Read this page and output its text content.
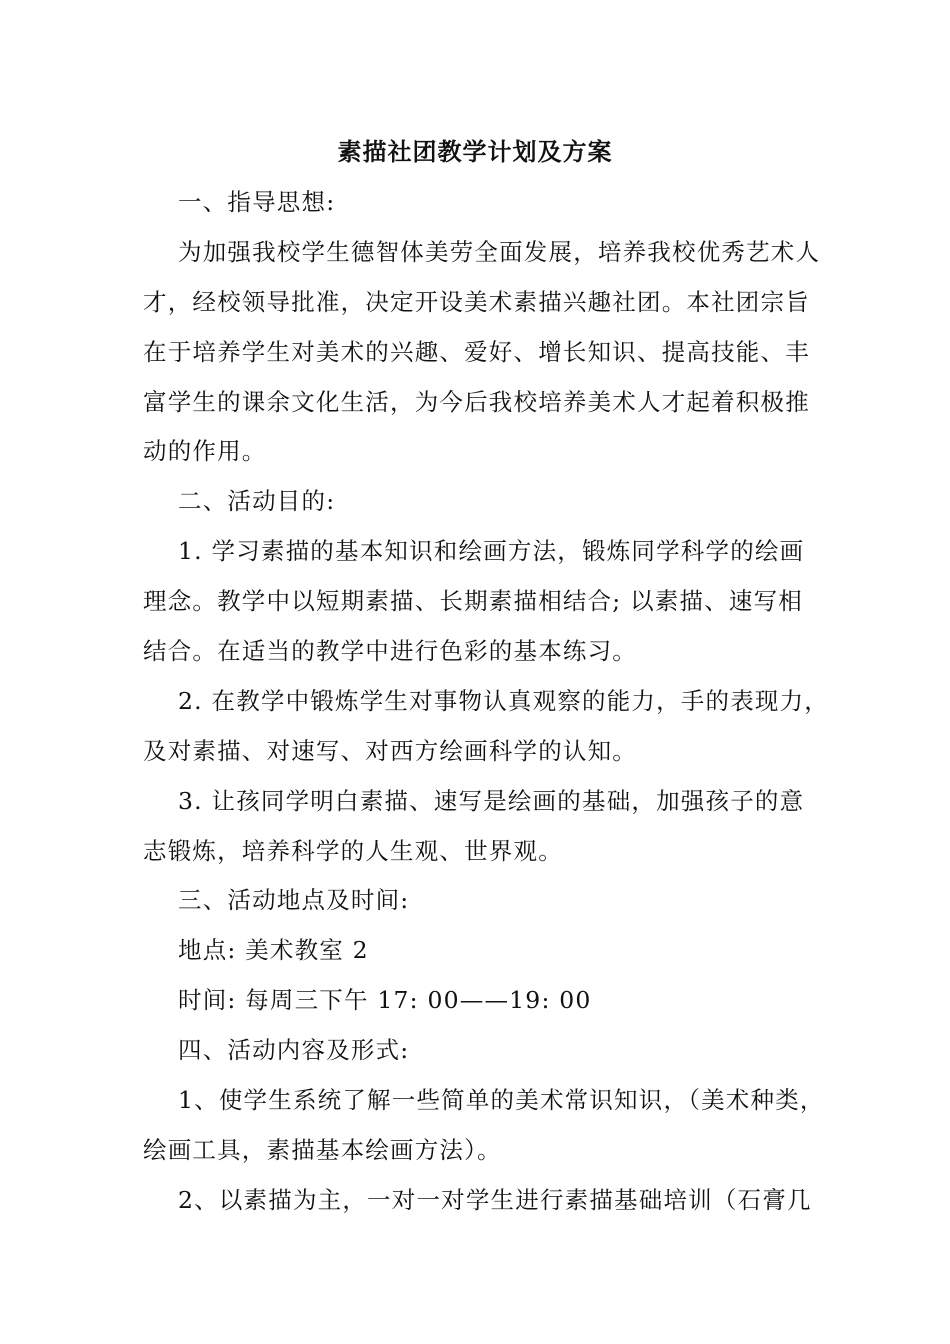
素描社团教学计划及方案
一、指导思想:
为加强我校学生德智体美劳全面发展，培养我校优秀艺术人
才，经校领导批准，决定开设美术素描兴趣社团。本社团宗旨
在于培养学生对美术的兴趣、爱好、增长知识、提高技能、丰
富学生的课余文化生活，为今后我校培养美术人才起着积极推
动的作用。
二、活动目的:
1. 学习素描的基本知识和绘画方法，锻炼同学科学的绘画
理念。教学中以短期素描、长期素描相结合; 以素描、速写相
结合。在适当的教学中进行色彩的基本练习。
2. 在教学中锻炼学生对事物认真观察的能力，手的表现力，
及对素描、对速写、对西方绘画科学的认知。
3. 让孩同学明白素描、速写是绘画的基础，加强孩子的意
志锻炼，培养科学的人生观、世界观。
三、活动地点及时间:
地点: 美术教室 2
时间: 每周三下午 17: 00——19: 00
四、活动内容及形式:
1、使学生系统了解一些简单的美术常识知识，（美术种类，
绘画工具，素描基本绘画方法）。
2、以素描为主，一对一对学生进行素描基础培训（石膏几
